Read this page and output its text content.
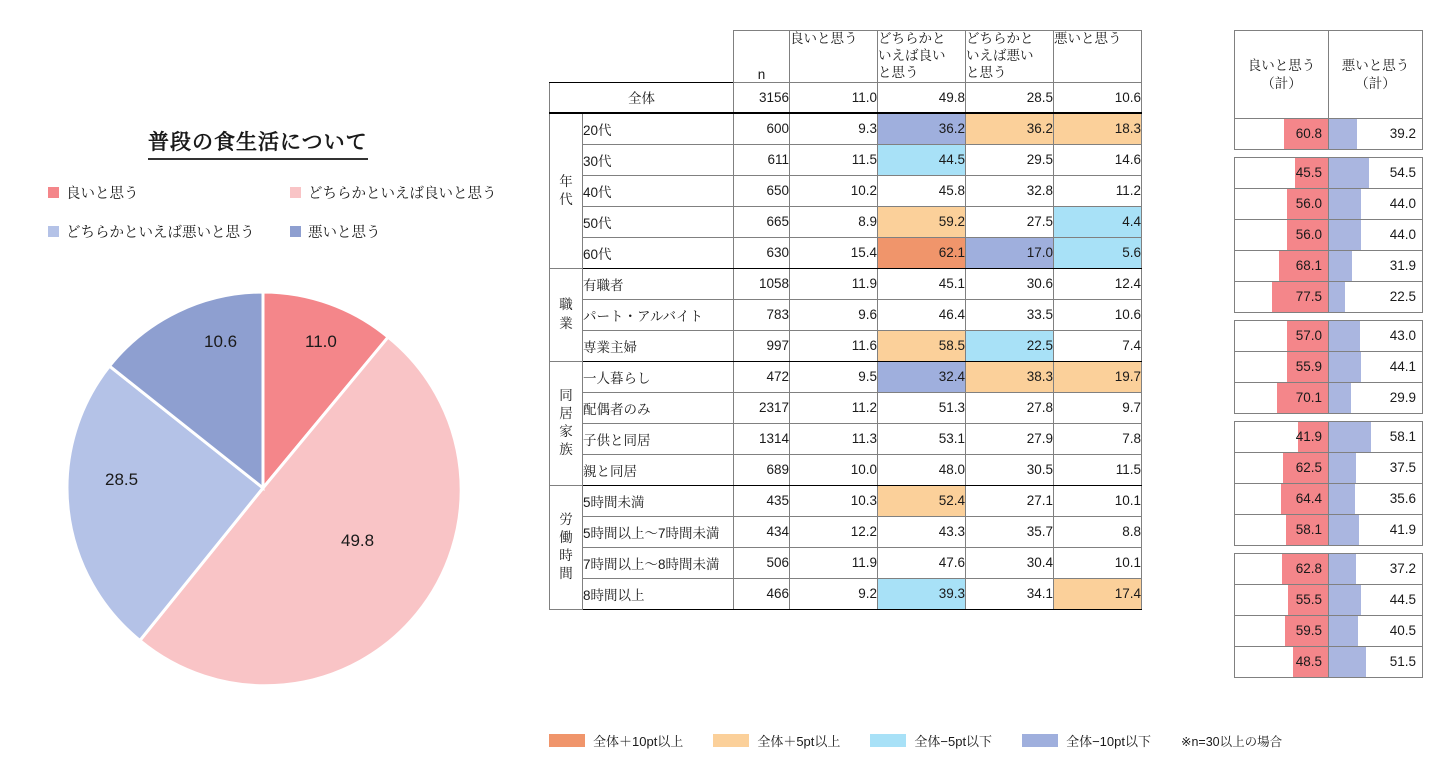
普段の食生活について
良いと思う	どちらかといえば良いと思う
どちらかといえば悪いと思う	悪いと思う
11.0
49.8
28.5
10.6
		n	良いと思う	どちらかと
いえば良い
と思う	どちらかと
いえば悪い
と思う	悪いと思う
全体		3156	11.0	49.8	28.5	10.6
年
代	20代	600	9.3	36.2	36.2	18.3
	30代	611	11.5	44.5	29.5	14.6
	40代	650	10.2	45.8	32.8	11.2
	50代	665	8.9	59.2	27.5	4.4
	60代	630	15.4	62.1	17.0	5.6
職
業	有職者	1058	11.9	45.1	30.6	12.4
	パート・アルバイト	783	9.6	46.4	33.5	10.6
	専業主婦	997	11.6	58.5	22.5	7.4
同
居
家
族	一人暮らし	472	9.5	32.4	38.3	19.7
	配偶者のみ	2317	11.2	51.3	27.8	9.7
	子供と同居	1314	11.3	53.1	27.9	7.8
	親と同居	689	10.0	48.0	30.5	11.5
労
働
時
間	5時間未満	435	10.3	52.4	27.1	10.1
	5時間以上～7時間未満	434	12.2	43.3	35.7	8.8
	7時間以上～8時間未満	506	11.9	47.6	30.4	10.1
	8時間以上	466	9.2	39.3	34.1	17.4
良いと思う
（計）	悪いと思う
（計）

60.8	39.2

45.5	54.5

56.0	44.0

56.0	44.0

68.1	31.9

77.5	22.5

57.0	43.0

55.9	44.1

70.1	29.9

41.9	58.1

62.5	37.5

64.4	35.6

58.1	41.9

62.8	37.2

55.5	44.5

59.5	40.5

48.5	51.5
全体＋10pt以上	全体＋5pt以上	全体−5pt以下	全体−10pt以下 ※n=30以上の場合
